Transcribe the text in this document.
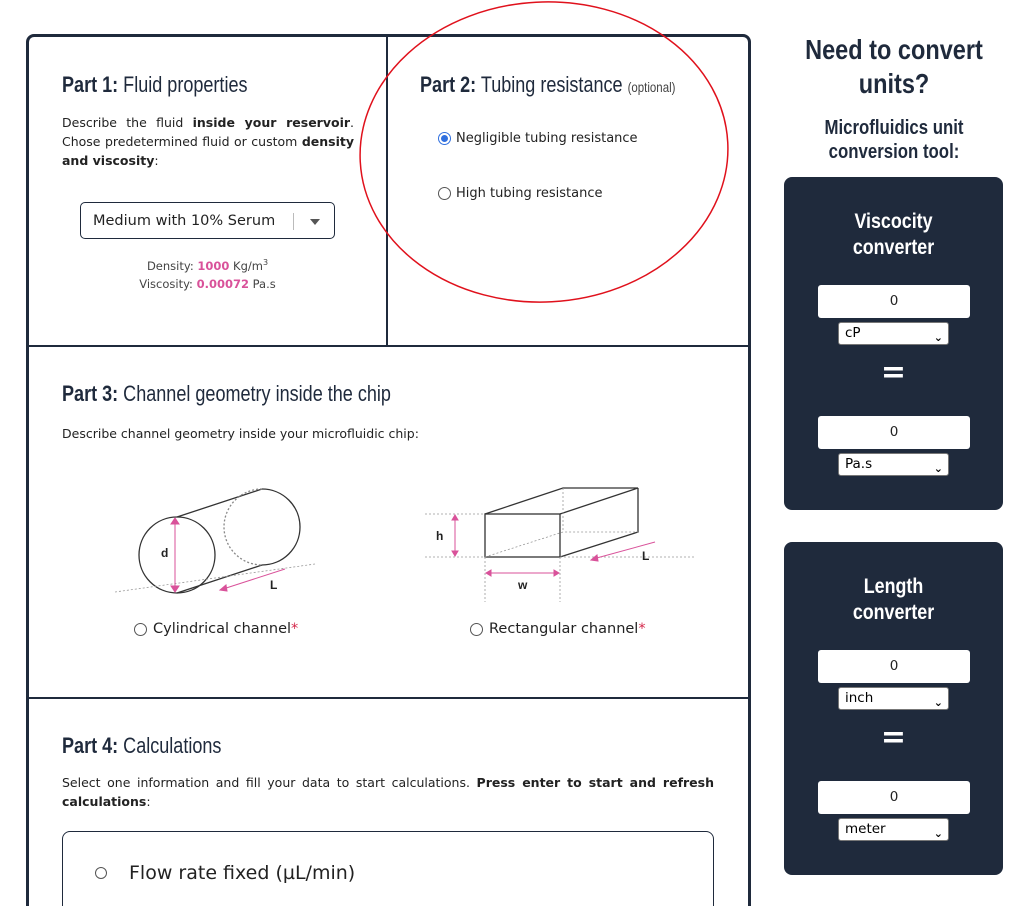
Part 1: Fluid properties
Describe the fluid inside your reservoir. Chose predetermined fluid or custom density and viscosity:
Medium with 10% Serum
Density: 1000 $Kg/m^3$
Viscosity: 0.00072 Pa.s
Part 2: Tubing resistance (optional)
Negligible tubing resistance
High tubing resistance
Part 3: Channel geometry inside the chip
Describe channel geometry inside your microfluidic chip:
d
L
h
w
L
Cylindrical channel *	Rectangular channel *
Part 4: Calculations
Select one information and fill your data to start calculations. Press enter to start and refresh calculations:
Flow rate fixed (µL/min)
Need to convert
units?
Microfluidics unit
conversion tool:
Viscocity
converter
0
cP	⌄
=
0
Pa.s	⌄
Length
converter
0
inch	⌄
=
0
meter	⌄
